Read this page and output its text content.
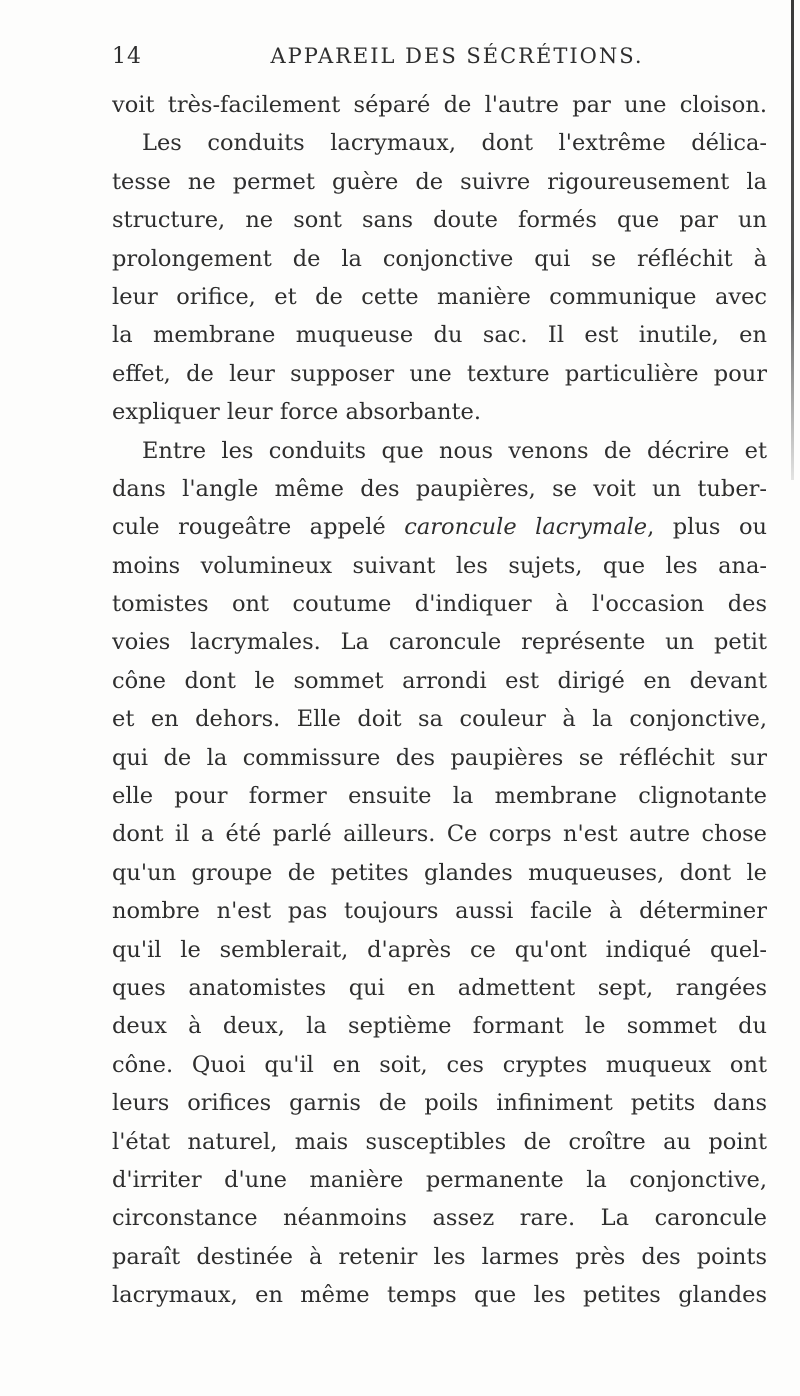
14	APPAREIL DES SÉCRÉTIONS.
voit très-facilement séparé de l'autre par une cloison.
Les conduits lacrymaux, dont l'extrême délica-
tesse ne permet guère de suivre rigoureusement la
structure, ne sont sans doute formés que par un
prolongement de la conjonctive qui se réfléchit à
leur orifice, et de cette manière communique avec
la membrane muqueuse du sac. Il est inutile, en
effet, de leur supposer une texture particulière pour
expliquer leur force absorbante.
Entre les conduits que nous venons de décrire et
dans l'angle même des paupières, se voit un tuber-
cule rougeâtre appelé caroncule lacrymale, plus ou
moins volumineux suivant les sujets, que les ana-
tomistes ont coutume d'indiquer à l'occasion des
voies lacrymales. La caroncule représente un petit
cône dont le sommet arrondi est dirigé en devant
et en dehors. Elle doit sa couleur à la conjonctive,
qui de la commissure des paupières se réfléchit sur
elle pour former ensuite la membrane clignotante
dont il a été parlé ailleurs. Ce corps n'est autre chose
qu'un groupe de petites glandes muqueuses, dont le
nombre n'est pas toujours aussi facile à déterminer
qu'il le semblerait, d'après ce qu'ont indiqué quel-
ques anatomistes qui en admettent sept, rangées
deux à deux, la septième formant le sommet du
cône. Quoi qu'il en soit, ces cryptes muqueux ont
leurs orifices garnis de poils infiniment petits dans
l'état naturel, mais susceptibles de croître au point
d'irriter d'une manière permanente la conjonctive,
circonstance néanmoins assez rare. La caroncule
paraît destinée à retenir les larmes près des points
lacrymaux, en même temps que les petites glandes
